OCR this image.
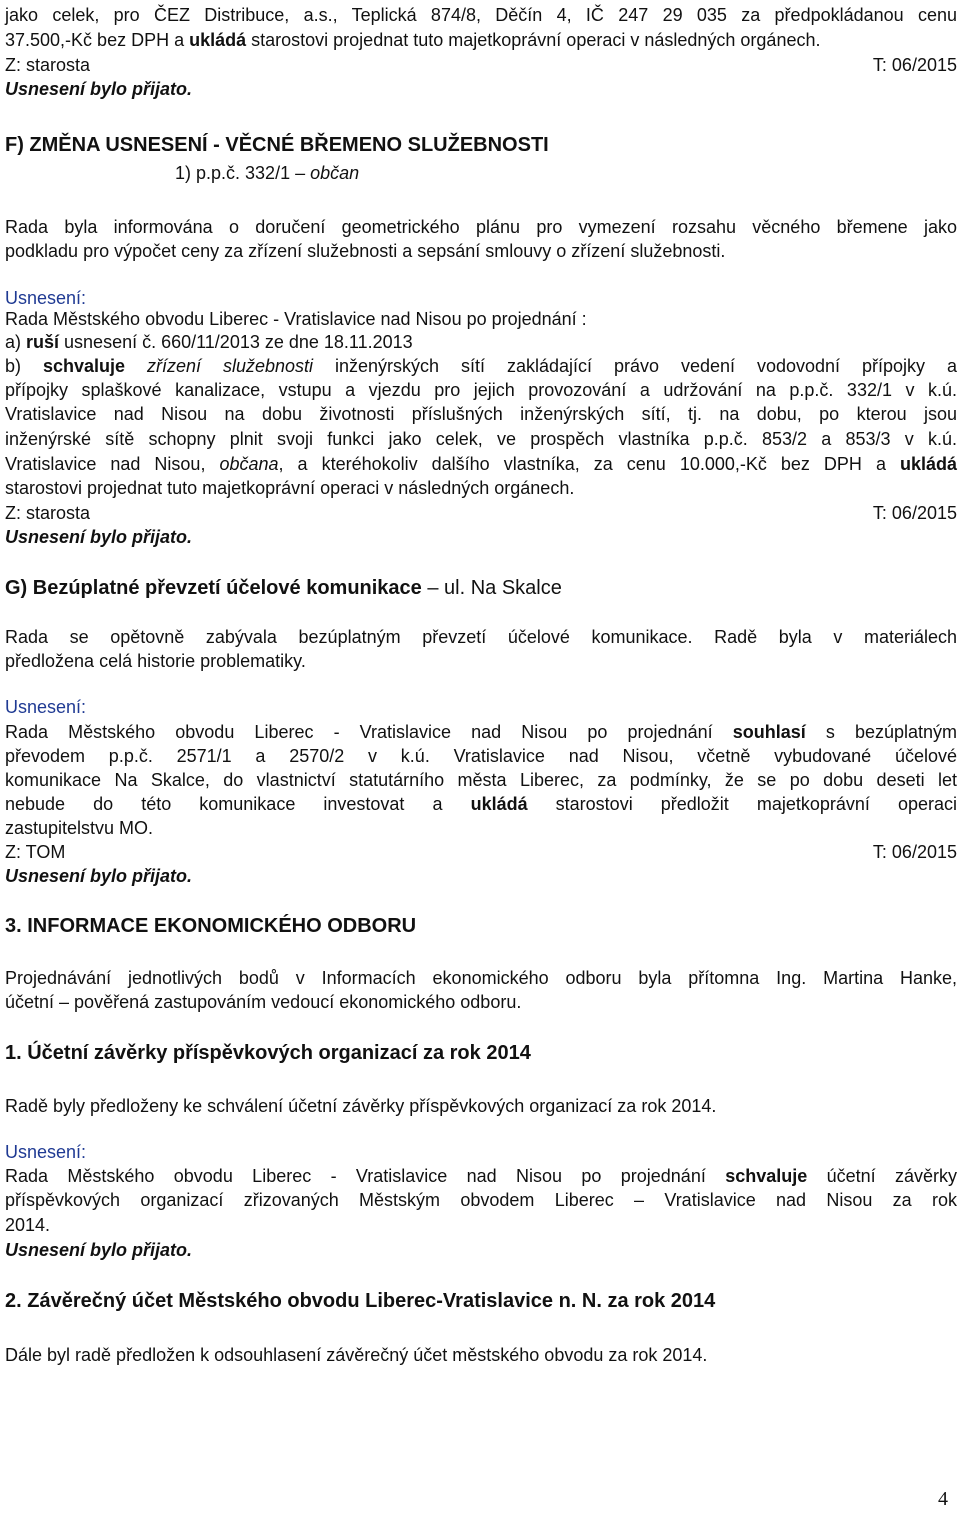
jako celek, pro ČEZ Distribuce, a.s., Teplická 874/8, Děčín 4, IČ 247 29 035 za předpokládanou cenu
37.500,-Kč bez DPH a ukládá starostovi projednat tuto majetkoprávní operaci v následných orgánech.
Z: starosta	T: 06/2015
Usnesení bylo přijato.
F) ZMĚNA USNESENÍ - VĚCNÉ BŘEMENO SLUŽEBNOSTI
1) p.p.č. 332/1 – občan
Rada byla informována o doručení geometrického plánu pro vymezení rozsahu věcného břemene jako
podkladu pro výpočet ceny za zřízení služebnosti a sepsání smlouvy o zřízení služebnosti.
Usnesení:
Rada Městského obvodu Liberec - Vratislavice nad Nisou po projednání :
a) ruší usnesení č. 660/11/2013 ze dne 18.11.2013
b) schvaluje zřízení služebnosti inženýrských sítí zakládající právo vedení vodovodní přípojky a
přípojky splaškové kanalizace, vstupu a vjezdu pro jejich provozování a udržování na p.p.č. 332/1 v k.ú.
Vratislavice nad Nisou na dobu životnosti příslušných inženýrských sítí, tj. na dobu, po kterou jsou
inženýrské sítě schopny plnit svoji funkci jako celek, ve prospěch vlastníka p.p.č. 853/2 a 853/3 v k.ú.
Vratislavice nad Nisou, občana, a kteréhokoliv dalšího vlastníka, za cenu 10.000,-Kč bez DPH a ukládá
starostovi projednat tuto majetkoprávní operaci v následných orgánech.
Z: starosta	T: 06/2015
Usnesení bylo přijato.
G) Bezúplatné převzetí účelové komunikace – ul. Na Skalce
Rada se opětovně zabývala bezúplatným převzetí účelové komunikace. Radě byla v materiálech
předložena celá historie problematiky.
Usnesení:
Rada Městského obvodu Liberec - Vratislavice nad Nisou po projednání souhlasí s bezúplatným
převodem p.p.č. 2571/1 a 2570/2 v k.ú. Vratislavice nad Nisou, včetně vybudované účelové
komunikace Na Skalce, do vlastnictví statutárního města Liberec, za podmínky, že se po dobu deseti let
nebude do této komunikace investovat a ukládá starostovi předložit majetkoprávní operaci
zastupitelstvu MO.
Z: TOM	T: 06/2015
Usnesení bylo přijato.
3. INFORMACE EKONOMICKÉHO ODBORU
Projednávání jednotlivých bodů v Informacích ekonomického odboru byla přítomna Ing. Martina Hanke,
účetní – pověřená zastupováním vedoucí ekonomického odboru.
1. Účetní závěrky příspěvkových organizací za rok 2014
Radě byly předloženy ke schválení účetní závěrky příspěvkových organizací za rok 2014.
Usnesení:
Rada Městského obvodu Liberec - Vratislavice nad Nisou po projednání schvaluje účetní závěrky
příspěvkových organizací zřizovaných Městským obvodem Liberec – Vratislavice nad Nisou za rok
2014.
Usnesení bylo přijato.
2. Závěrečný účet Městského obvodu Liberec-Vratislavice n. N. za rok 2014
Dále byl radě předložen k odsouhlasení závěrečný účet městského obvodu za rok 2014.
4
